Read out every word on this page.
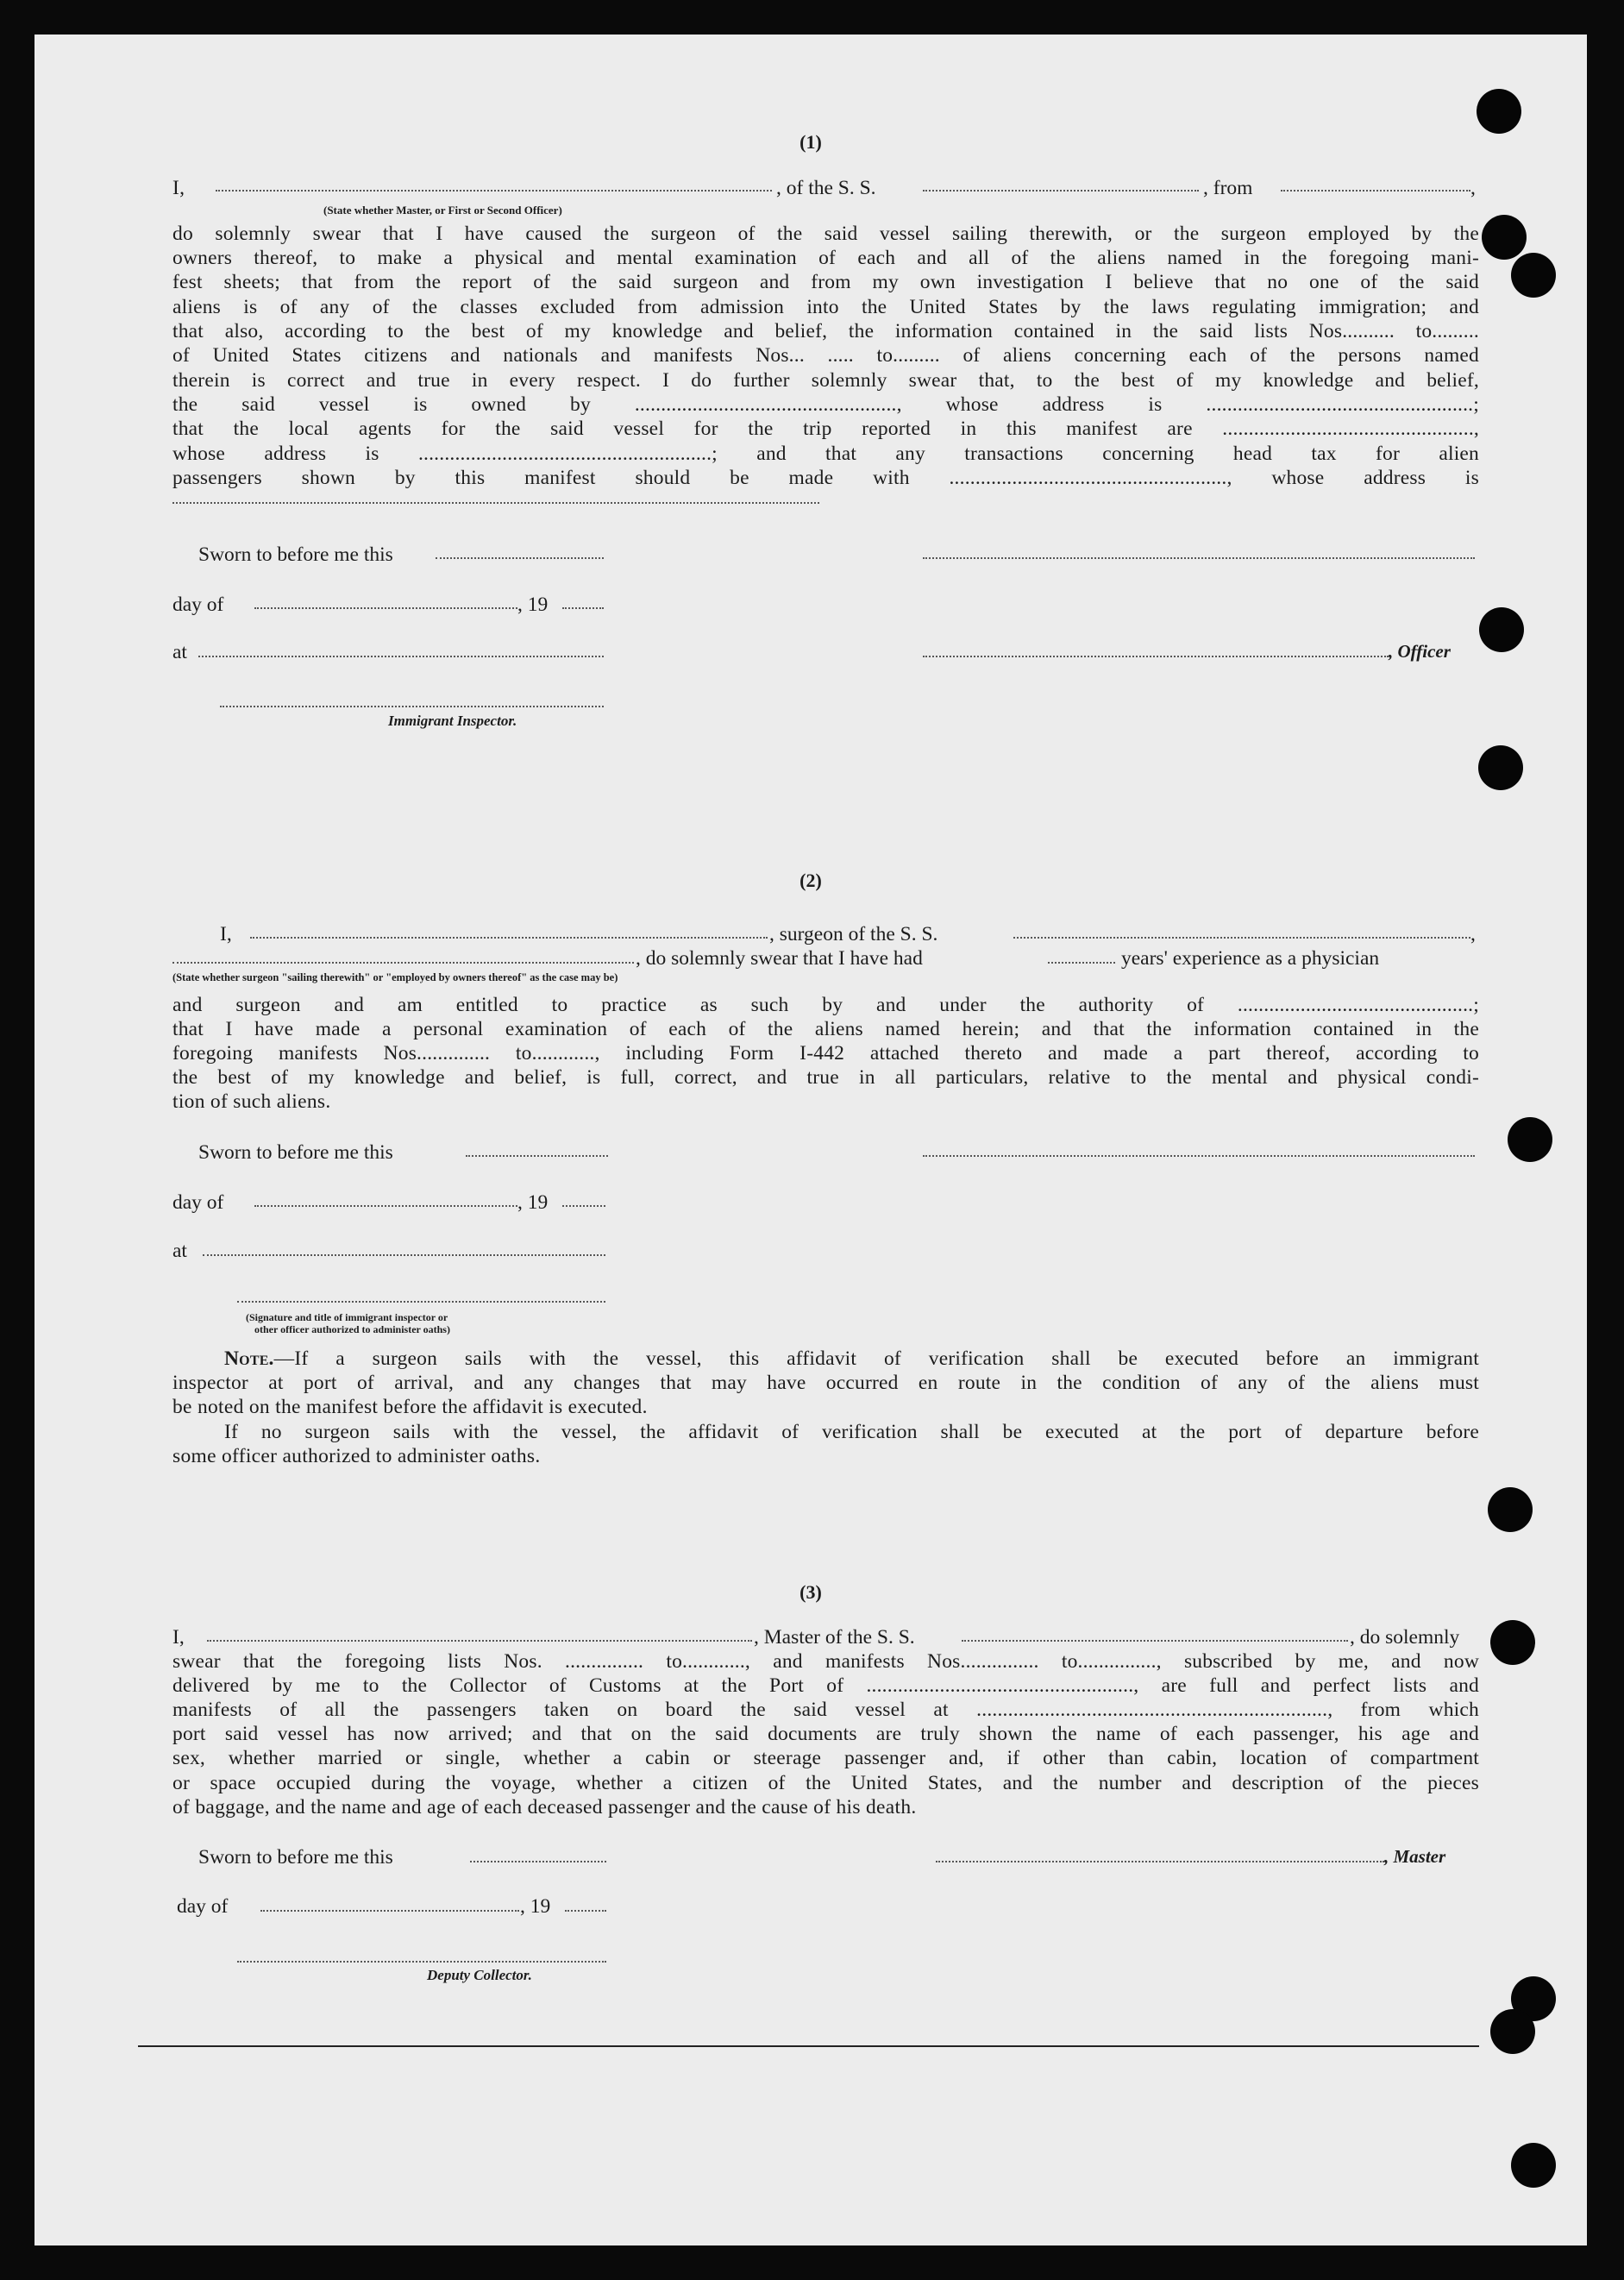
(1)
I,	, of the S. S.	, from	,
(State whether Master, or First or Second Officer)
do solemnly swear that I have caused the surgeon of the said vessel sailing therewith, or the surgeon employed by the
owners thereof, to make a physical and mental examination of each and all of the aliens named in the foregoing mani-
fest sheets; that from the report of the said surgeon and from my own investigation I believe that no one of the said
aliens is of any of the classes excluded from admission into the United States by the laws regulating immigration; and
that also, according to the best of my knowledge and belief, the information contained in the said lists Nos.......... to.........
of United States citizens and nationals and manifests Nos... ..... to......... of aliens concerning each of the persons named
therein is correct and true in every respect. I do further solemnly swear that, to the best of my knowledge and belief,
the said vessel is owned by .................................................., whose address is ...................................................;
that the local agents for the said vessel for the trip reported in this manifest are ................................................,
whose address is ........................................................; and that any transactions concerning head tax for alien
passengers shown by this manifest should be made with ....................................................., whose address is
Sworn to before me this
day of	, 19
, Officer
at
Immigrant Inspector.
(2)
I,	, surgeon of the S. S.	,
, do solemnly swear that I have had	years' experience as a physician
(State whether surgeon "sailing therewith" or "employed by owners thereof" as the case may be)
and surgeon and am entitled to practice as such by and under the authority of .............................................;
that I have made a personal examination of each of the aliens named herein; and that the information contained in the
foregoing manifests Nos.............. to............, including Form I-442 attached thereto and made a part thereof, according to
the best of my knowledge and belief, is full, correct, and true in all particulars, relative to the mental and physical condi-
tion of such aliens.
Sworn to before me this
day of	, 19
at
(Signature and title of immigrant inspector or
other officer authorized to administer oaths)
Note.—If a surgeon sails with the vessel, this affidavit of verification shall be executed before an immigrant
inspector at port of arrival, and any changes that may have occurred en route in the condition of any of the aliens must
be noted on the manifest before the affidavit is executed.
If no surgeon sails with the vessel, the affidavit of verification shall be executed at the port of departure before
some officer authorized to administer oaths.
(3)
I,	, Master of the S. S.	, do solemnly
swear that the foregoing lists Nos. ............... to............, and manifests Nos............... to..............., subscribed by me, and now
delivered by me to the Collector of Customs at the Port of ..................................................., are full and perfect lists and
manifests of all the passengers taken on board the said vessel at ..................................................................., from which
port said vessel has now arrived; and that on the said documents are truly shown the name of each passenger, his age and
sex, whether married or single, whether a cabin or steerage passenger and, if other than cabin, location of compartment
or space occupied during the voyage, whether a citizen of the United States, and the number and description of the pieces
of baggage, and the name and age of each deceased passenger and the cause of his death.
Sworn to before me this	, Master
day of	, 19
Deputy Collector.
